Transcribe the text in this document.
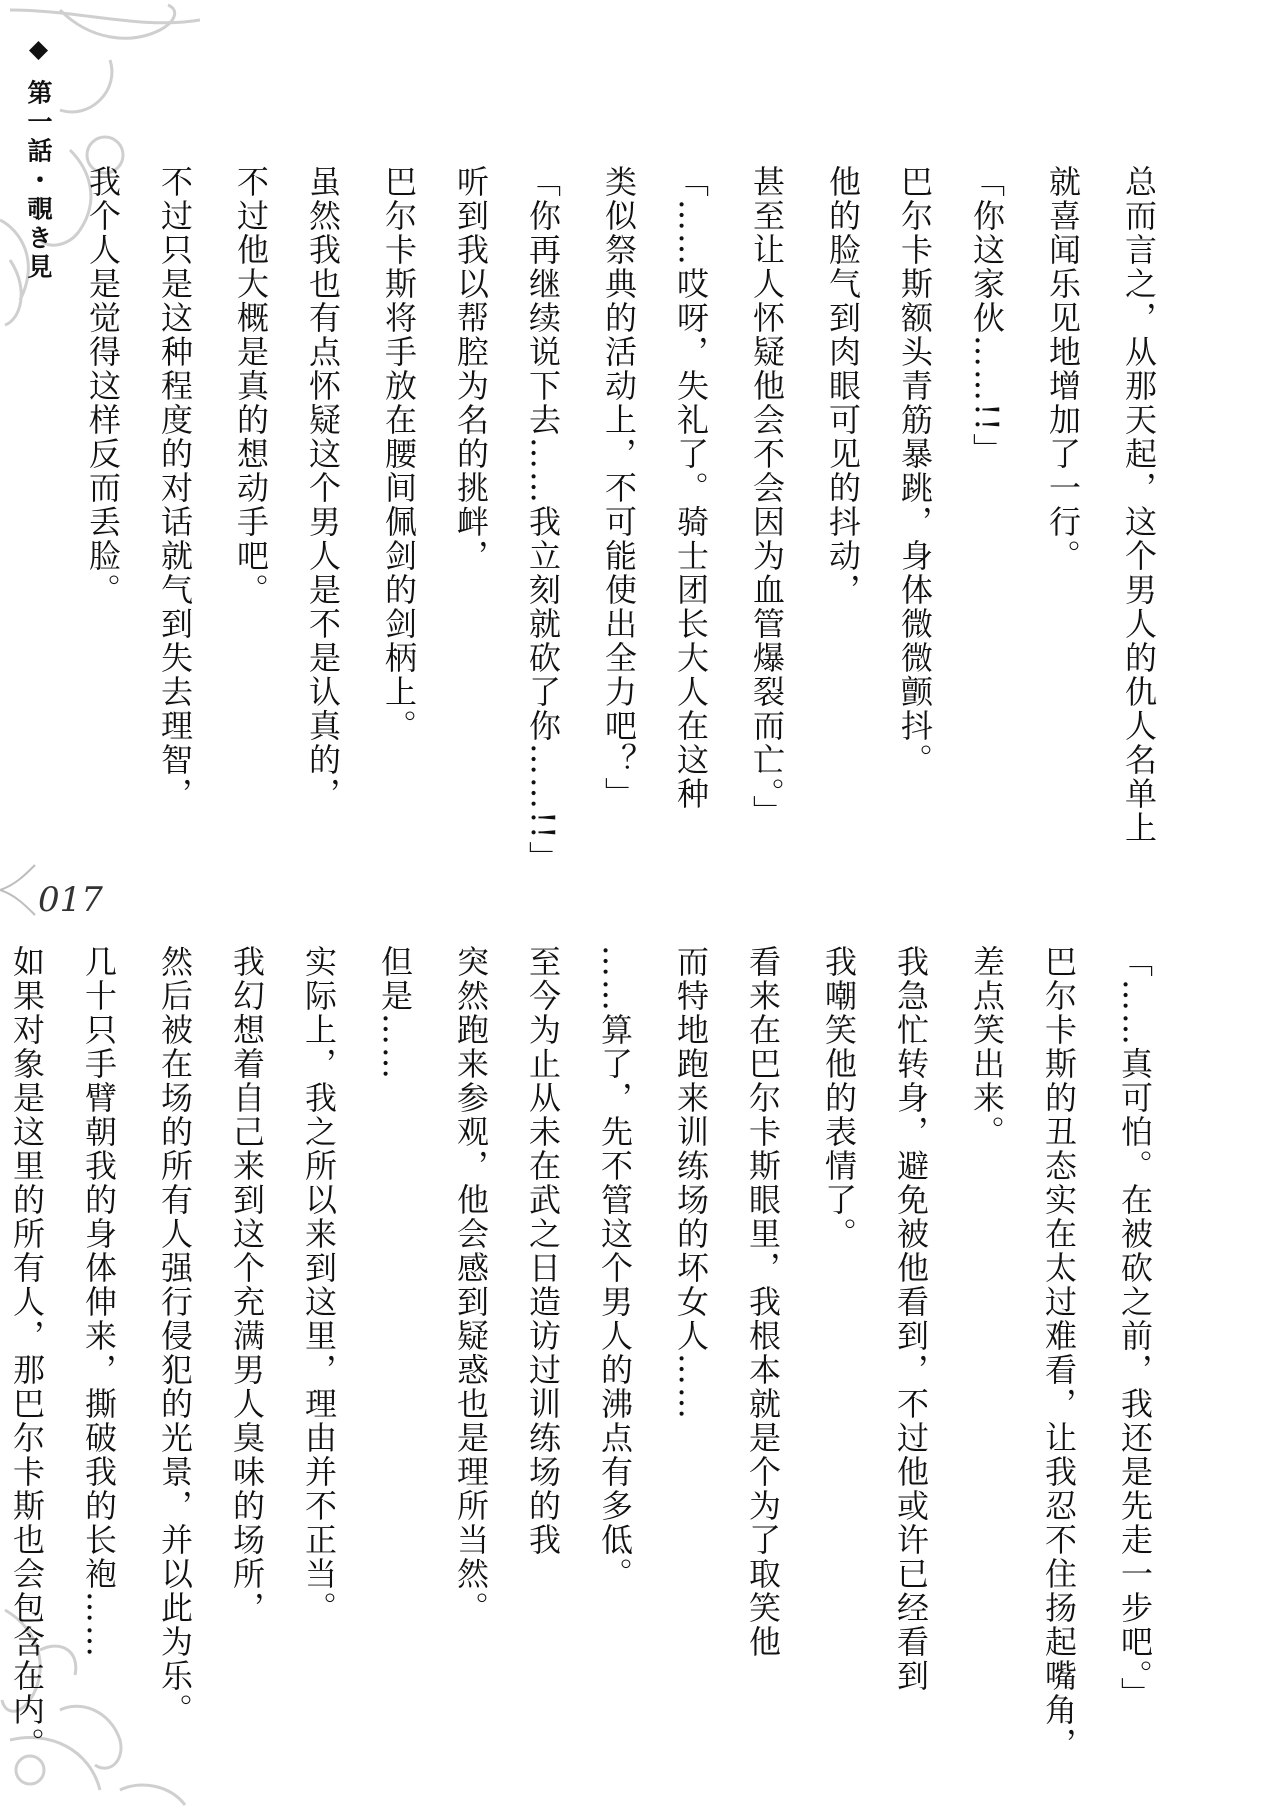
◆ 第一話・覗き見
017

总而言之，从那天起，这个男人的仇人名单上

就喜闻乐见地增加了一行。

「你这家伙……!!」

巴尔卡斯额头青筋暴跳，身体微微颤抖。

他的脸气到肉眼可见的抖动，

甚至让人怀疑他会不会因为血管爆裂而亡。」

「……哎呀，失礼了。骑士团长大人在这种

类似祭典的活动上，不可能使出全力吧？」

「你再继续说下去……我立刻就砍了你……!!」

听到我以帮腔为名的挑衅，

巴尔卡斯将手放在腰间佩剑的剑柄上。

虽然我也有点怀疑这个男人是不是认真的，

不过他大概是真的想动手吧。

不过只是这种程度的对话就气到失去理智，

我个人是觉得这样反而丢脸。

「……真可怕。在被砍之前，我还是先走一步吧。」

巴尔卡斯的丑态实在太过难看，让我忍不住扬起嘴角，

差点笑出来。

我急忙转身，避免被他看到，不过他或许已经看到

我嘲笑他的表情了。

看来在巴尔卡斯眼里，我根本就是个为了取笑他

而特地跑来训练场的坏女人……

……算了，先不管这个男人的沸点有多低。

至今为止从未在武之日造访过训练场的我

突然跑来参观，他会感到疑惑也是理所当然。

但是……

实际上，我之所以来到这里，理由并不正当。

我幻想着自己来到这个充满男人臭味的场所，

然后被在场的所有人强行侵犯的光景，并以此为乐。

几十只手臂朝我的身体伸来，撕破我的长袍……

如果对象是这里的所有人，那巴尔卡斯也会包含在内。
